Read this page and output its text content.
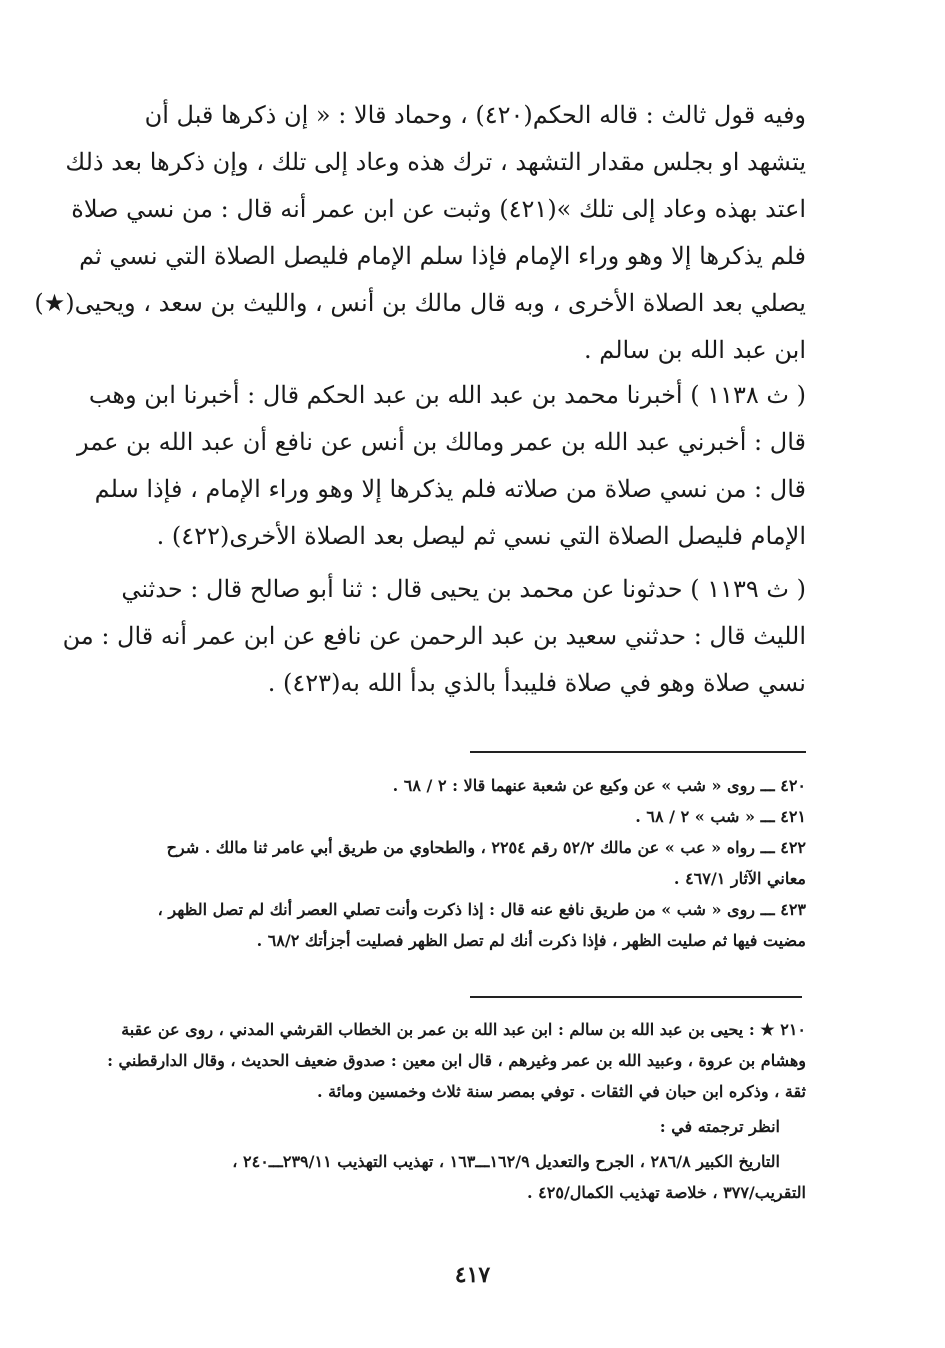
وفيه قول ثالث : قاله الحكم(٤٢٠) ، وحماد قالا : « إن ذكرها قبل أن
يتشهد او بجلس مقدار التشهد ، ترك هذه وعاد إلى تلك ، وإن ذكرها بعد ذلك
اعتد بهذه وعاد إلى تلك »(٤٢١) وثبت عن ابن عمر أنه قال : من نسي صلاة
فلم يذكرها إلا وهو وراء الإمام فإذا سلم الإمام فليصل الصلاة التي نسي ثم
يصلي بعد الصلاة الأخرى ، وبه قال مالك بن أنس ، والليث بن سعد ، ويحيى(★)
ابن عبد الله بن سالم .

( ث ١١٣٨ ) أخبرنا محمد بن عبد الله بن عبد الحكم قال : أخبرنا ابن وهب
قال : أخبرني عبد الله بن عمر ومالك بن أنس عن نافع أن عبد الله بن عمر
قال : من نسي صلاة من صلاته فلم يذكرها إلا وهو وراء الإمام ، فإذا سلم
الإمام فليصل الصلاة التي نسي ثم ليصل بعد الصلاة الأخرى(٤٢٢) .

( ث ١١٣٩ ) حدثونا عن محمد بن يحيى قال : ثنا أبو صالح قال : حدثني
الليث قال : حدثني سعيد بن عبد الرحمن عن نافع عن ابن عمر أنه قال : من
نسي صلاة وهو في صلاة فليبدأ بالذي بدأ الله به(٤٢٣) .

٤٢٠ ـــ روى « شب » عن وكيع عن شعبة عنهما قالا : ٢ / ٦٨ .
٤٢١ ـــ « شب » ٢ / ٦٨ .
٤٢٢ ـــ رواه « عب » عن مالك ٥٢/٢ رقم ٢٢٥٤ ، والطحاوي من طريق أبي عامر ثنا مالك . شرح
معاني الآثار ٤٦٧/١ .
٤٢٣ ـــ روى « شب » من طريق نافع عنه قال : إذا ذكرت وأنت تصلي العصر أنك لم تصل الظهر ،
مضيت فيها ثم صليت الظهر ، فإذا ذكرت أنك لم تصل الظهر فصليت أجزأتك ٦٨/٢ .
٢١٠ ★ : يحيى بن عبد الله بن سالم : ابن عبد الله بن عمر بن الخطاب القرشي المدني ، روى عن عقبة
وهشام بن عروة ، وعبيد الله بن عمر وغيرهم ، قال ابن معين : صدوق ضعيف الحديث ، وقال الدارقطني :
ثقة ، وذكره ابن حبان في الثقات . توفي بمصر سنة ثلاث وخمسين ومائة .
انظر ترجمته في :
التاريخ الكبير ٢٨٦/٨ ، الجرح والتعديل ١٦٢/٩ـــ١٦٣ ، تهذيب التهذيب ٢٣٩/١١ـــ٢٤٠ ،
التقريب/٣٧٧ ، خلاصة تهذيب الكمال/٤٢٥ .
٤١٧
